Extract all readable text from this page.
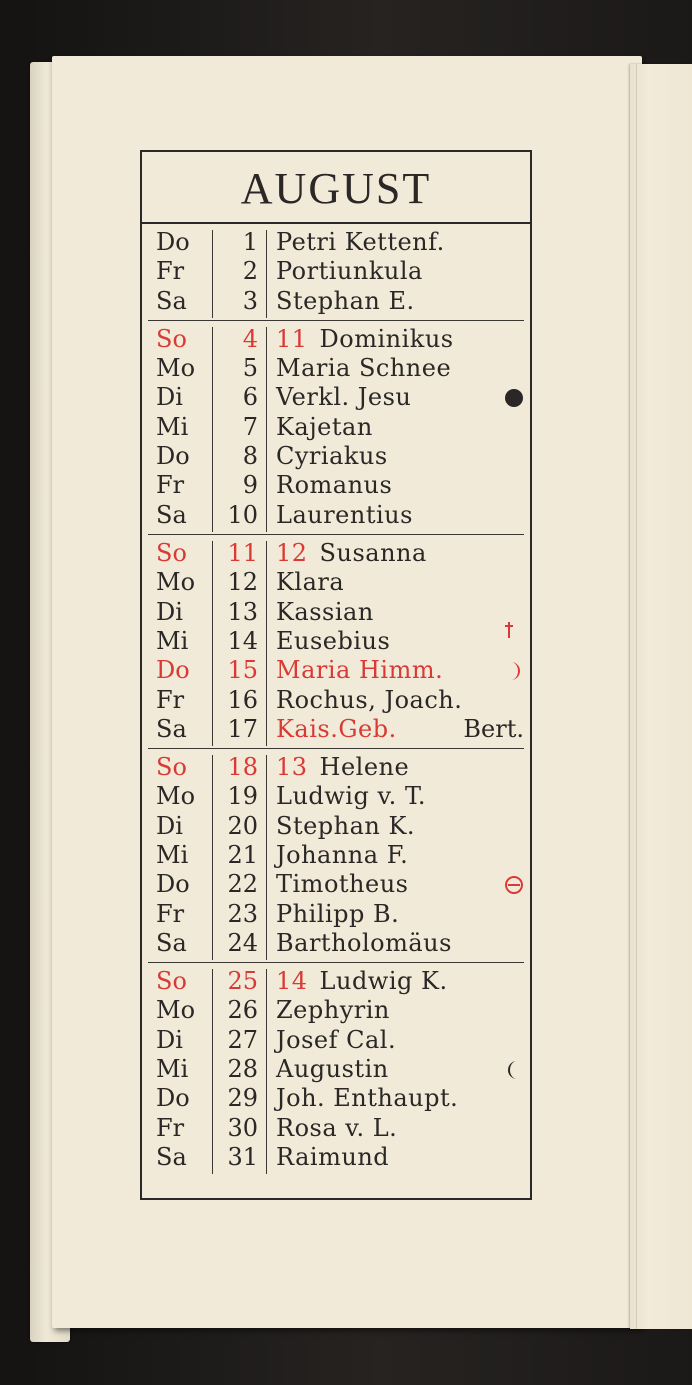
AUGUST
Do	1 Petri Kettenf.
Fr	2 Portiunkula
Sa	3 Stephan E.
So	4 11 Dominikus
Mo	5 Maria Schnee
Di	6 Verkl. Jesu
Mi	7 Kajetan
Do	8 Cyriakus
Fr	9 Romanus
Sa	10 Laurentius
So	11 12 Susanna
Mo	12 Klara
Di	13 Kassian
Mi	14 Eusebius
Do	15 Maria Himm.
Fr	16 Rochus, Joach.
Sa	17 Kais.Geb.	Bert.
So	18 13 Helene
Mo	19 Ludwig v. T.
Di	20 Stephan K.
Mi	21 Johanna F.
Do	22 Timotheus
Fr	23 Philipp B.
Sa	24 Bartholomäus
So	25 14 Ludwig K.
Mo	26 Zephyrin
Di	27 Josef Cal.
Mi	28 Augustin
Do	29 Joh. Enthaupt.
Fr	30 Rosa v. L.
Sa	31 Raimund
